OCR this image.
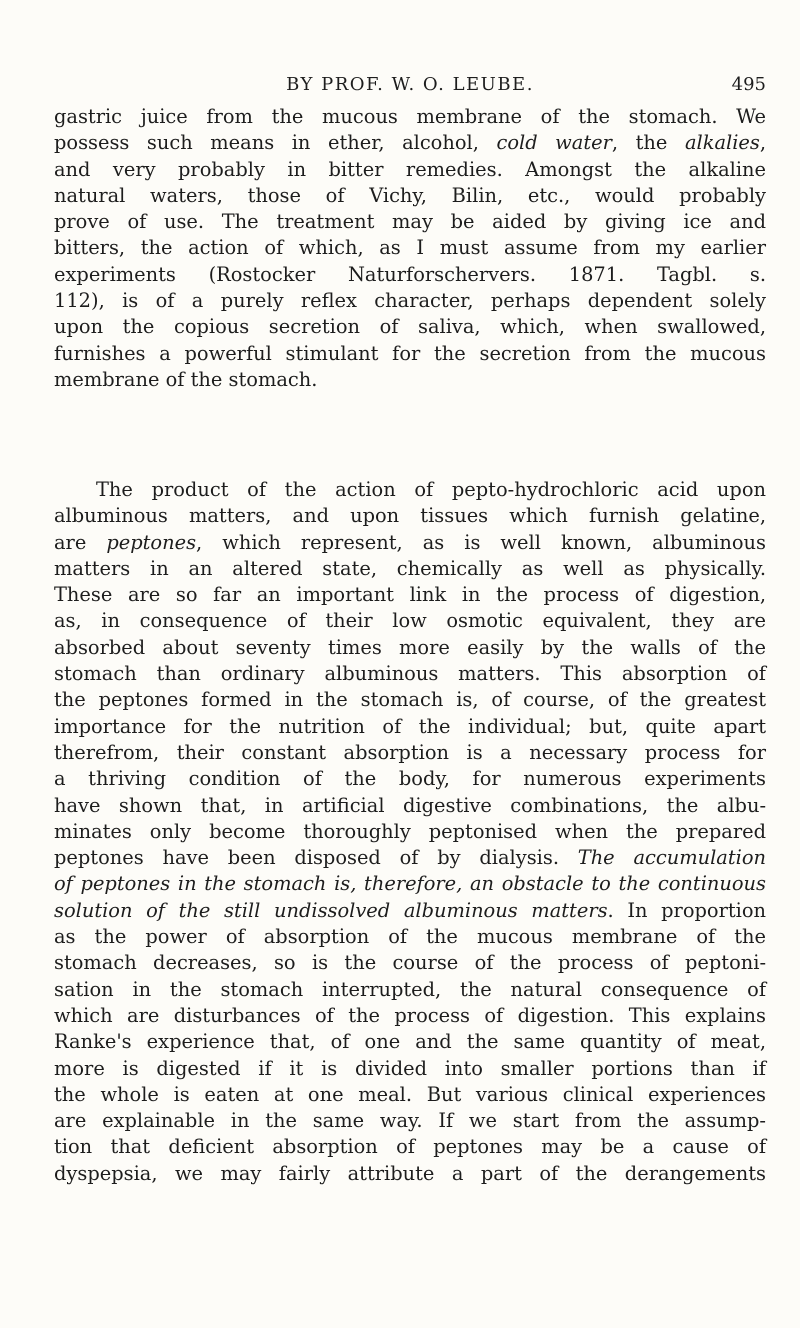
BY PROF. W. O. LEUBE.	495

gastric juice from the mucous membrane of the stomach. We
possess such means in ether, alcohol, cold water, the alkalies,
and very probably in bitter remedies. Amongst the alkaline
natural waters, those of Vichy, Bilin, etc., would probably
prove of use. The treatment may be aided by giving ice and
bitters, the action of which, as I must assume from my earlier
experiments (Rostocker Naturforschervers. 1871. Tagbl. s.
112), is of a purely reflex character, perhaps dependent solely
upon the copious secretion of saliva, which, when swallowed,
furnishes a powerful stimulant for the secretion from the mucous
membrane of the stomach.

The product of the action of pepto-hydrochloric acid upon
albuminous matters, and upon tissues which furnish gelatine,
are peptones, which represent, as is well known, albuminous
matters in an altered state, chemically as well as physically.
These are so far an important link in the process of digestion,
as, in consequence of their low osmotic equivalent, they are
absorbed about seventy times more easily by the walls of the
stomach than ordinary albuminous matters. This absorption of
the peptones formed in the stomach is, of course, of the greatest
importance for the nutrition of the individual; but, quite apart
therefrom, their constant absorption is a necessary process for
a thriving condition of the body, for numerous experiments
have shown that, in artificial digestive combinations, the albu-
minates only become thoroughly peptonised when the prepared
peptones have been disposed of by dialysis. The accumulation
of peptones in the stomach is, therefore, an obstacle to the continuous
solution of the still undissolved albuminous matters. In proportion
as the power of absorption of the mucous membrane of the
stomach decreases, so is the course of the process of peptoni-
sation in the stomach interrupted, the natural consequence of
which are disturbances of the process of digestion. This explains
Ranke's experience that, of one and the same quantity of meat,
more is digested if it is divided into smaller portions than if
the whole is eaten at one meal. But various clinical experiences
are explainable in the same way. If we start from the assump-
tion that deficient absorption of peptones may be a cause of
dyspepsia, we may fairly attribute a part of the derangements
